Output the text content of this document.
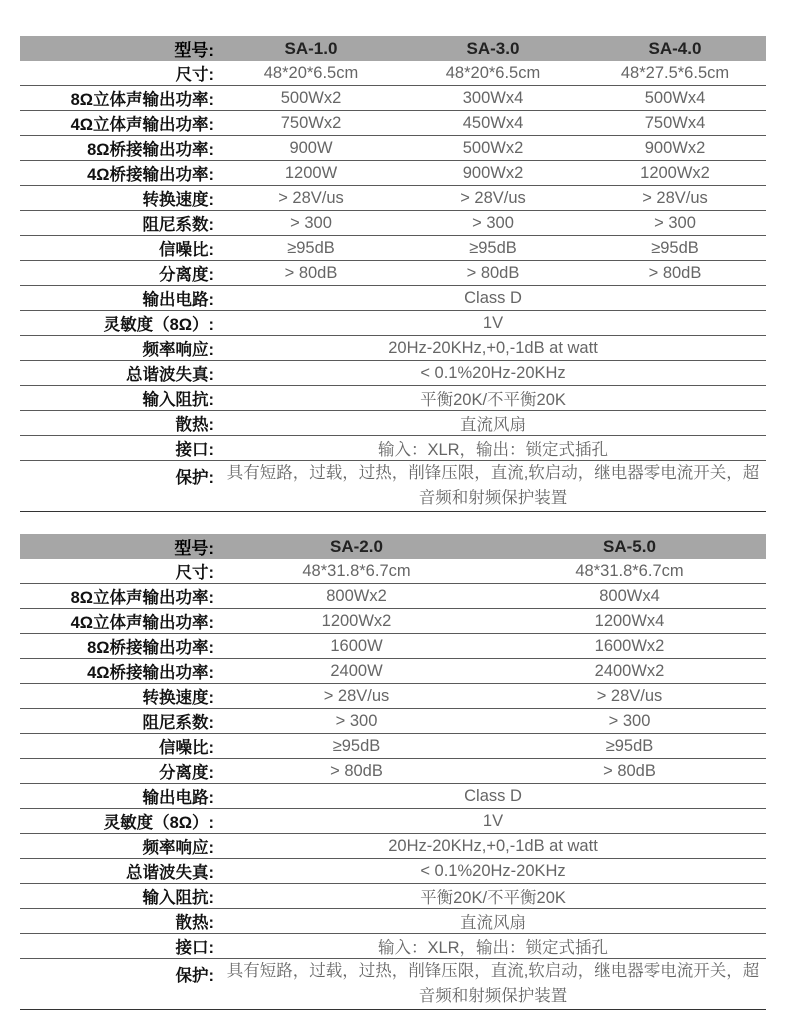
型号:	SA-1.0	SA-3.0	SA-4.0
尺寸:	48*20*6.5cm	48*20*6.5cm	48*27.5*6.5cm
8Ω立体声输出功率:	500Wx2	300Wx4	500Wx4
4Ω立体声输出功率:	750Wx2	450Wx4	750Wx4
8Ω桥接输出功率:	900W	500Wx2	900Wx2
4Ω桥接输出功率:	1200W	900Wx2	1200Wx2
转换速度:	> 28V/us	> 28V/us	> 28V/us
阻尼系数:	> 300	> 300	> 300
信噪比:	≥95dB	≥95dB	≥95dB
分离度:	> 80dB	> 80dB	> 80dB
输出电路:	Class D		
灵敏度（8Ω）:	1V		
频率响应:	20Hz-20KHz,+0,-1dB at watt		
总谐波失真:	< 0.1%20Hz-20KHz		
输入阻抗:	平衡20K/不平衡20K		
散热:	直流风扇		
接口:	输入：XLR，输出：锁定式插孔		
保护:	具有短路，过载，过热，削锋压限，直流,软启动，继电器零电流开关，超音频和射频保护装置		
型号:	SA-2.0	SA-5.0
尺寸:	48*31.8*6.7cm	48*31.8*6.7cm
8Ω立体声输出功率:	800Wx2	800Wx4
4Ω立体声输出功率:	1200Wx2	1200Wx4
8Ω桥接输出功率:	1600W	1600Wx2
4Ω桥接输出功率:	2400W	2400Wx2
转换速度:	> 28V/us	> 28V/us
阻尼系数:	> 300	> 300
信噪比:	≥95dB	≥95dB
分离度:	> 80dB	> 80dB
输出电路:	Class D	
灵敏度（8Ω）:	1V	
频率响应:	20Hz-20KHz,+0,-1dB at watt	
总谐波失真:	< 0.1%20Hz-20KHz	
输入阻抗:	平衡20K/不平衡20K	
散热:	直流风扇	
接口:	输入：XLR，输出：锁定式插孔	
保护:	具有短路，过载，过热，削锋压限，直流,软启动，继电器零电流开关，超音频和射频保护装置	
